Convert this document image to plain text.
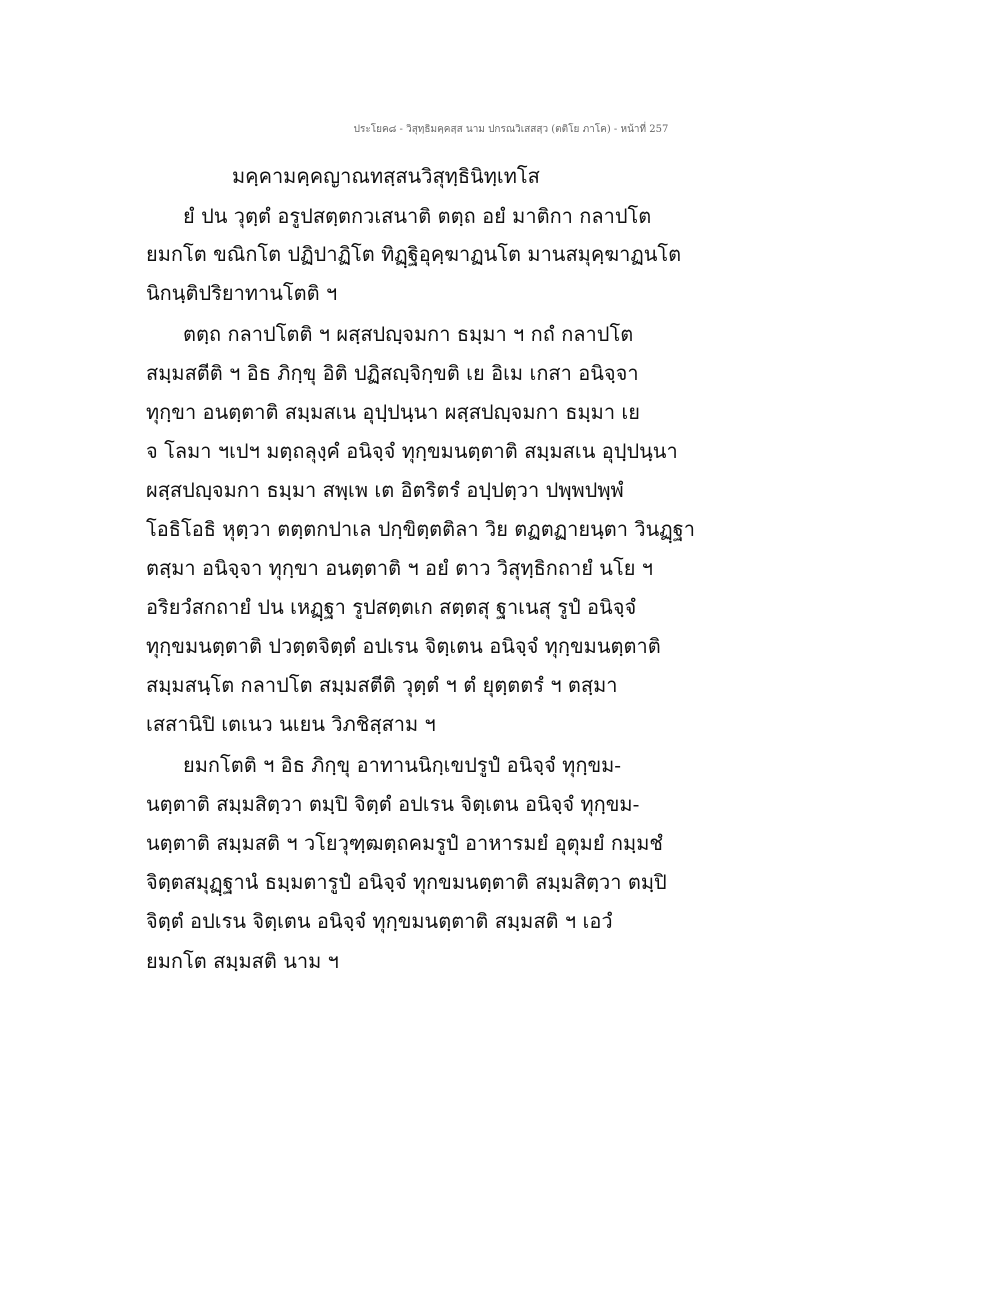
ประโยค๘ - วิสุทฺธิมคฺคสฺส นาม ปกรณวิเสสสฺว (ตติโย ภาโค) - หน้าที่ 257
มคฺคามคฺคญาณทสฺสนวิสุทฺธินิทฺเทโส
ยํ ปน วุตฺตํ อรูปสตฺตกวเสนาติ ตตฺถ อยํ มาติกา กลาปโต
ยมกโต ขณิกโต ปฏิปาฏิโต ทิฏฺฐิอุคฺฆาฏนโต มานสมุคฺฆาฏนโต
นิกนฺติปริยาทานโตติ ฯ
ตตฺถ กลาปโตติ ฯ ผสฺสปญฺจมกา ธมฺมา ฯ กถํ กลาปโต
สมฺมสตีติ ฯ อิธ ภิกฺขุ อิติ ปฏิสญฺจิกฺขติ เย อิเม เกสา อนิจฺจา
ทุกฺขา อนตฺตาติ สมฺมสเน อุปฺปนฺนา ผสฺสปญฺจมกา ธมฺมา เย
จ โลมา ฯเปฯ มตฺถลุงฺคํ อนิจฺจํ ทุกฺขมนตฺตาติ สมฺมสเน อุปฺปนฺนา
ผสฺสปญฺจมกา ธมฺมา สพฺเพ เต อิตริตรํ อปฺปตฺวา ปพฺพปพฺพํ
โอธิโอธิ หุตฺวา ตตฺตกปาเล ปกฺขิตฺตติลา วิย ตฏตฏายนฺตา วินฏฺฐา
ตสฺมา อนิจฺจา ทุกฺขา อนตฺตาติ ฯ อยํ ตาว วิสุทฺธิกถายํ นโย ฯ
อริยวํสกถายํ ปน เหฏฺฐา รูปสตฺตเก สตฺตสุ ฐาเนสุ รูปํ อนิจฺจํ
ทุกฺขมนตฺตาติ ปวตฺตจิตฺตํ อปเรน จิตฺเตน อนิจฺจํ ทุกฺขมนตฺตาติ
สมฺมสนฺโต กลาปโต สมฺมสตีติ วุตฺตํ ฯ ตํ ยุตฺตตรํ ฯ ตสฺมา
เสสานิปิ เตเนว นเยน วิภชิสฺสาม ฯ
ยมกโตติ ฯ อิธ ภิกฺขุ อาทานนิกฺเขปรูปํ อนิจฺจํ ทุกฺขม-
นตฺตาติ สมฺมสิตฺวา ตมฺปิ จิตฺตํ อปเรน จิตฺเตน อนิจฺจํ ทุกฺขม-
นตฺตาติ สมฺมสติ ฯ วโยวุฑฺฒตฺถคมรูปํ อาหารมยํ อุตุมยํ กมฺมชํ
จิตฺตสมุฏฺฐานํ ธมฺมตารูปํ อนิจฺจํ ทุกขมนตฺตาติ สมฺมสิตฺวา ตมฺปิ
จิตฺตํ อปเรน จิตฺเตน อนิจฺจํ ทุกฺขมนตฺตาติ สมฺมสติ ฯ เอวํ
ยมกโต สมฺมสติ นาม ฯ
